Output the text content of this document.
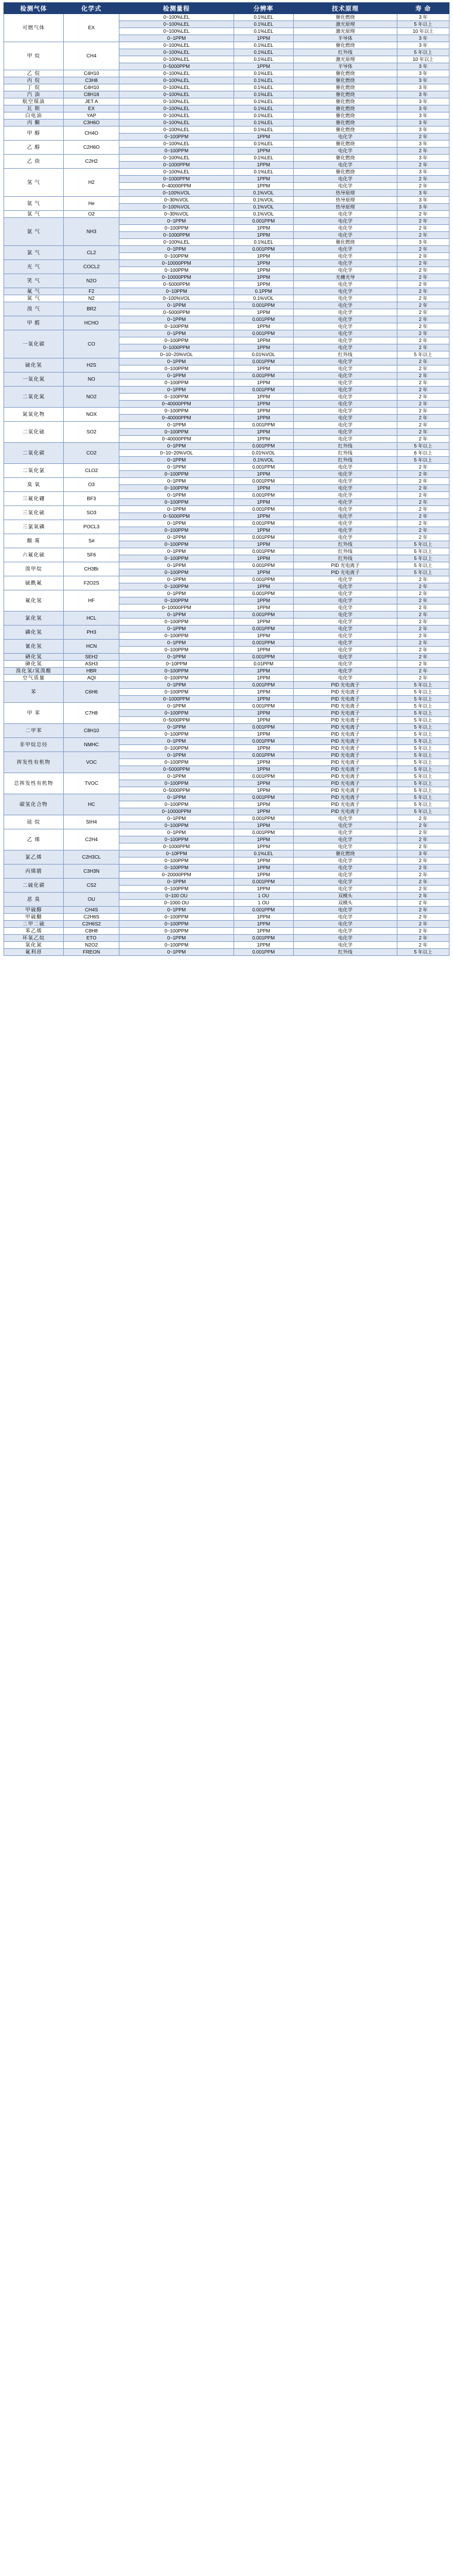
检测气体	化学式	检测量程	分辨率	技术原理	寿 命
可燃气体	EX	0~100%LEL	0.1%LEL	催化燃烧	3 年
		0~100%LEL	0.1%LEL	激光原理	5 年以上
		0~100%LEL	0.1%LEL	激光原理	10 年以上
		0~1PPM	1PPM	半导体	3 年
甲 烷	CH4	0~100%LEL	0.1%LEL	催化燃烧	3 年
		0~100%LEL	0.1%LEL	红外线	5 年以上
		0~100%LEL	0.1%LEL	激光原理	10 年以上
		0~5000PPM	1PPM	半导体	3 年
乙 烷	C4H10	0~100%LEL	0.1%LEL	催化燃烧	3 年
丙 烷	C3H8	0~100%LEL	0.1%LEL	催化燃烧	3 年
丁 烷	C4H10	0~100%LEL	0.1%LEL	催化燃烧	3 年
汽 油	C8H18	0~100%LEL	0.1%LEL	催化燃烧	3 年
航空煤油	JET A	0~100%LEL	0.1%LEL	催化燃烧	3 年
瓦 斯	EX	0~100%LEL	0.1%LEL	催化燃烧	3 年
白电油	YAP	0~100%LEL	0.1%LEL	催化燃烧	3 年
丙 酮	C3H6O	0~100%LEL	0.1%LEL	催化燃烧	3 年
甲 醇	CH4O	0~100%LEL	0.1%LEL	催化燃烧	3 年
		0~100PPM	1PPM	电化学	2 年
乙 醇	C2H6O	0~100%LEL	0.1%LEL	催化燃烧	3 年
		0~100PPM	1PPM	电化学	2 年
乙 炔	C2H2	0~100%LEL	0.1%LEL	催化燃烧	3 年
		0~1000PPM	1PPM	电化学	2 年
氢 气	H2	0~100%LEL	0.1%LEL	催化燃烧	3 年
		0~1000PPM	1PPM	电化学	2 年
		0~40000PPM	1PPM	电化学	2 年
		0~100%VOL	0.1%VOL	热导原理	3 年
氦 气	He	0~30%VOL	0.1%VOL	热导原理	3 年
		0~100%VOL	0.1%VOL	热导原理	3 年
氧 气	O2	0~30%VOL	0.1%VOL	电化学	2 年
氨 气	NH3	0~1PPM	0.001PPM	电化学	2 年
		0~100PPM	1PPM	电化学	2 年
		0~1000PPM	1PPM	电化学	2 年
		0~100%LEL	0.1%LEL	催化燃烧	3 年
氯 气	CL2	0~1PPM	0.001PPM	电化学	2 年
		0~100PPM	1PPM	电化学	2 年
光 气	COCL2	0~10000PPM	1PPM	电化学	2 年
		0~100PPM	1PPM	电化学	2 年
笑 气	N2O	0~10000PPM	1PPM	光栅光导	2 年
		0~5000PPM	1PPM	电化学	2 年
氟 气	F2	0~10PPM	0.1PPM	电化学	2 年
氮 气	N2	0~100%VOL	0.1%VOL	电化学	2 年
溴 气	BR2	0~1PPM	0.001PPM	电化学	2 年
		0~5000PPM	1PPM	电化学	2 年
甲 醛	HCHO	0~1PPM	0.001PPM	电化学	2 年
		0~100PPM	1PPM	电化学	2 年
一氧化碳	CO	0~1PPM	0.001PPM	电化学	2 年
		0~100PPM	1PPM	电化学	2 年
		0~1000PPM	1PPM	电化学	2 年
		0~10~20%VOL	0.01%VOL	红外线	5 年以上
硫化氢	H2S	0~1PPM	0.001PPM	电化学	2 年
		0~100PPM	1PPM	电化学	2 年
一氧化氮	NO	0~1PPM	0.001PPM	电化学	2 年
		0~100PPM	1PPM	电化学	2 年
二氧化氮	NO2	0~1PPM	0.001PPM	电化学	2 年
		0~100PPM	1PPM	电化学	2 年
		0~40000PPM	1PPM	电化学	2 年
氮氧化物	NOX	0~100PPM	1PPM	电化学	2 年
		0~40000PPM	1PPM	电化学	2 年
二氧化硫	SO2	0~1PPM	0.001PPM	电化学	2 年
		0~100PPM	1PPM	电化学	2 年
		0~40000PPM	1PPM	电化学	2 年
二氧化碳	CO2	0~1PPM	0.001PPM	红外线	5 年以上
		0~10~20%VOL	0.01%VOL	红外线	6 年以上
		0~1PPM	0.1%VOL	红外线	5 年以上
二氧化氯	CLO2	0~1PPM	0.001PPM	电化学	2 年
		0~100PPM	1PPM	电化学	2 年
臭 氧	O3	0~1PPM	0.001PPM	电化学	2 年
		0~100PPM	1PPM	电化学	2 年
三氟化硼	BF3	0~1PPM	0.001PPM	电化学	2 年
		0~100PPM	1PPM	电化学	2 年
三氧化硫	SO3	0~1PPM	0.001PPM	电化学	2 年
		0~5000PPM	1PPM	电化学	2 年
三氯氧磷	POCL3	0~1PPM	0.001PPM	电化学	2 年
		0~100PPM	1PPM	电化学	2 年
酸 雾	S#	0~1PPM	0.001PPM	电化学	2 年
		0~100PPM	1PPM	红外线	5 年以上
六氟化硫	SF6	0~1PPM	0.001PPM	红外线	5 年以上
		0~100PPM	1PPM	红外线	5 年以上
溴甲烷	CH3Br	0~1PPM	0.001PPM	PID 光电离子	5 年以上
		0~100PPM	1PPM	PID 光电离子	5 年以上
硫酰氟	F2O2S	0~1PPM	0.001PPM	电化学	2 年
		0~100PPM	1PPM	电化学	2 年
氟化氢	HF	0~1PPM	0.001PPM	电化学	2 年
		0~100PPM	1PPM	电化学	2 年
		0~10000PPM	1PPM	电化学	2 年
氯化氢	HCL	0~1PPM	0.001PPM	电化学	2 年
		0~100PPM	1PPM	电化学	2 年
磷化氢	PH3	0~1PPM	0.001PPM	电化学	2 年
		0~100PPM	1PPM	电化学	2 年
氰化氢	HCN	0~1PPM	0.001PPM	电化学	2 年
		0~100PPM	1PPM	电化学	2 年
硒化氢	SEH2	0~1PPM	0.001PPM	电化学	2 年
砷化氢	ASH3	0~10PPM	0.01PPM	电化学	2 年
溴化氢/氢溴酸	HBR	0~100PPM	1PPM	电化学	2 年
空气质量	AQI	0~100PPM	1PPM	电化学	2 年
苯	C6H6	0~1PPM	0.001PPM	PID 光电离子	5 年以上
		0~100PPM	1PPM	PID 光电离子	5 年以上
		0~1000PPM	1PPM	PID 光电离子	5 年以上
甲 苯	C7H8	0~1PPM	0.001PPM	PID 光电离子	5 年以上
		0~100PPM	1PPM	PID 光电离子	5 年以上
		0~5000PPM	1PPM	PID 光电离子	5 年以上
二甲苯	C8H10	0~1PPM	0.001PPM	PID 光电离子	5 年以上
		0~100PPM	1PPM	PID 光电离子	5 年以上
非甲烷总烃	NMHC	0~1PPM	0.001PPM	PID 光电离子	5 年以上
		0~100PPM	1PPM	PID 光电离子	5 年以上
挥发性有机物	VOC	0~1PPM	0.001PPM	PID 光电离子	5 年以上
		0~100PPM	1PPM	PID 光电离子	5 年以上
		0~5000PPM	1PPM	PID 光电离子	5 年以上
总挥发性有机物	TVOC	0~1PPM	0.001PPM	PID 光电离子	5 年以上
		0~100PPM	1PPM	PID 光电离子	5 年以上
		0~5000PPM	1PPM	PID 光电离子	5 年以上
碳氢化合物	HC	0~1PPM	0.001PPM	PID 光电离子	5 年以上
		0~100PPM	1PPM	PID 光电离子	5 年以上
		0~10000PPM	1PPM	PID 光电离子	5 年以上
硅 烷	SIH4	0~1PPM	0.001PPM	电化学	2 年
		0~100PPM	1PPM	电化学	2 年
乙 烯	C2H4	0~1PPM	0.001PPM	电化学	2 年
		0~100PPM	1PPM	电化学	2 年
		0~1000PPM	1PPM	电化学	2 年
氯乙烯	C2H3CL	0~10PPM	0.1%LEL	催化燃烧	3 年
		0~100PPM	1PPM	电化学	2 年
丙烯腈	C3H3N	0~100PPM	1PPM	电化学	2 年
		0~20000PPM	1PPM	电化学	2 年
二硫化碳	CS2	0~1PPM	0.001PPM	电化学	2 年
		0~100PPM	1PPM	电化学	2 年
恶 臭	OU	0~100 OU	1 OU	双模头	2 年
		0~1000 OU	1 OU	双模头	2 年
甲硫醇	CH4S	0~1PPM	0.001PPM	电化学	2 年
甲硫醚	C2H6S	0~100PPM	1PPM	电化学	2 年
二甲二硫	C2H6S2	0~100PPM	1PPM	电化学	2 年
苯乙烯	C8H8	0~100PPM	1PPM	电化学	2 年
环氧乙烷	ETO	0~1PPM	0.001PPM	电化学	2 年
氧化氮	N2O2	0~100PPM	1PPM	电化学	2 年
氟利昂	FREON	0~1PPM	0.001PPM	红外线	5 年以上
